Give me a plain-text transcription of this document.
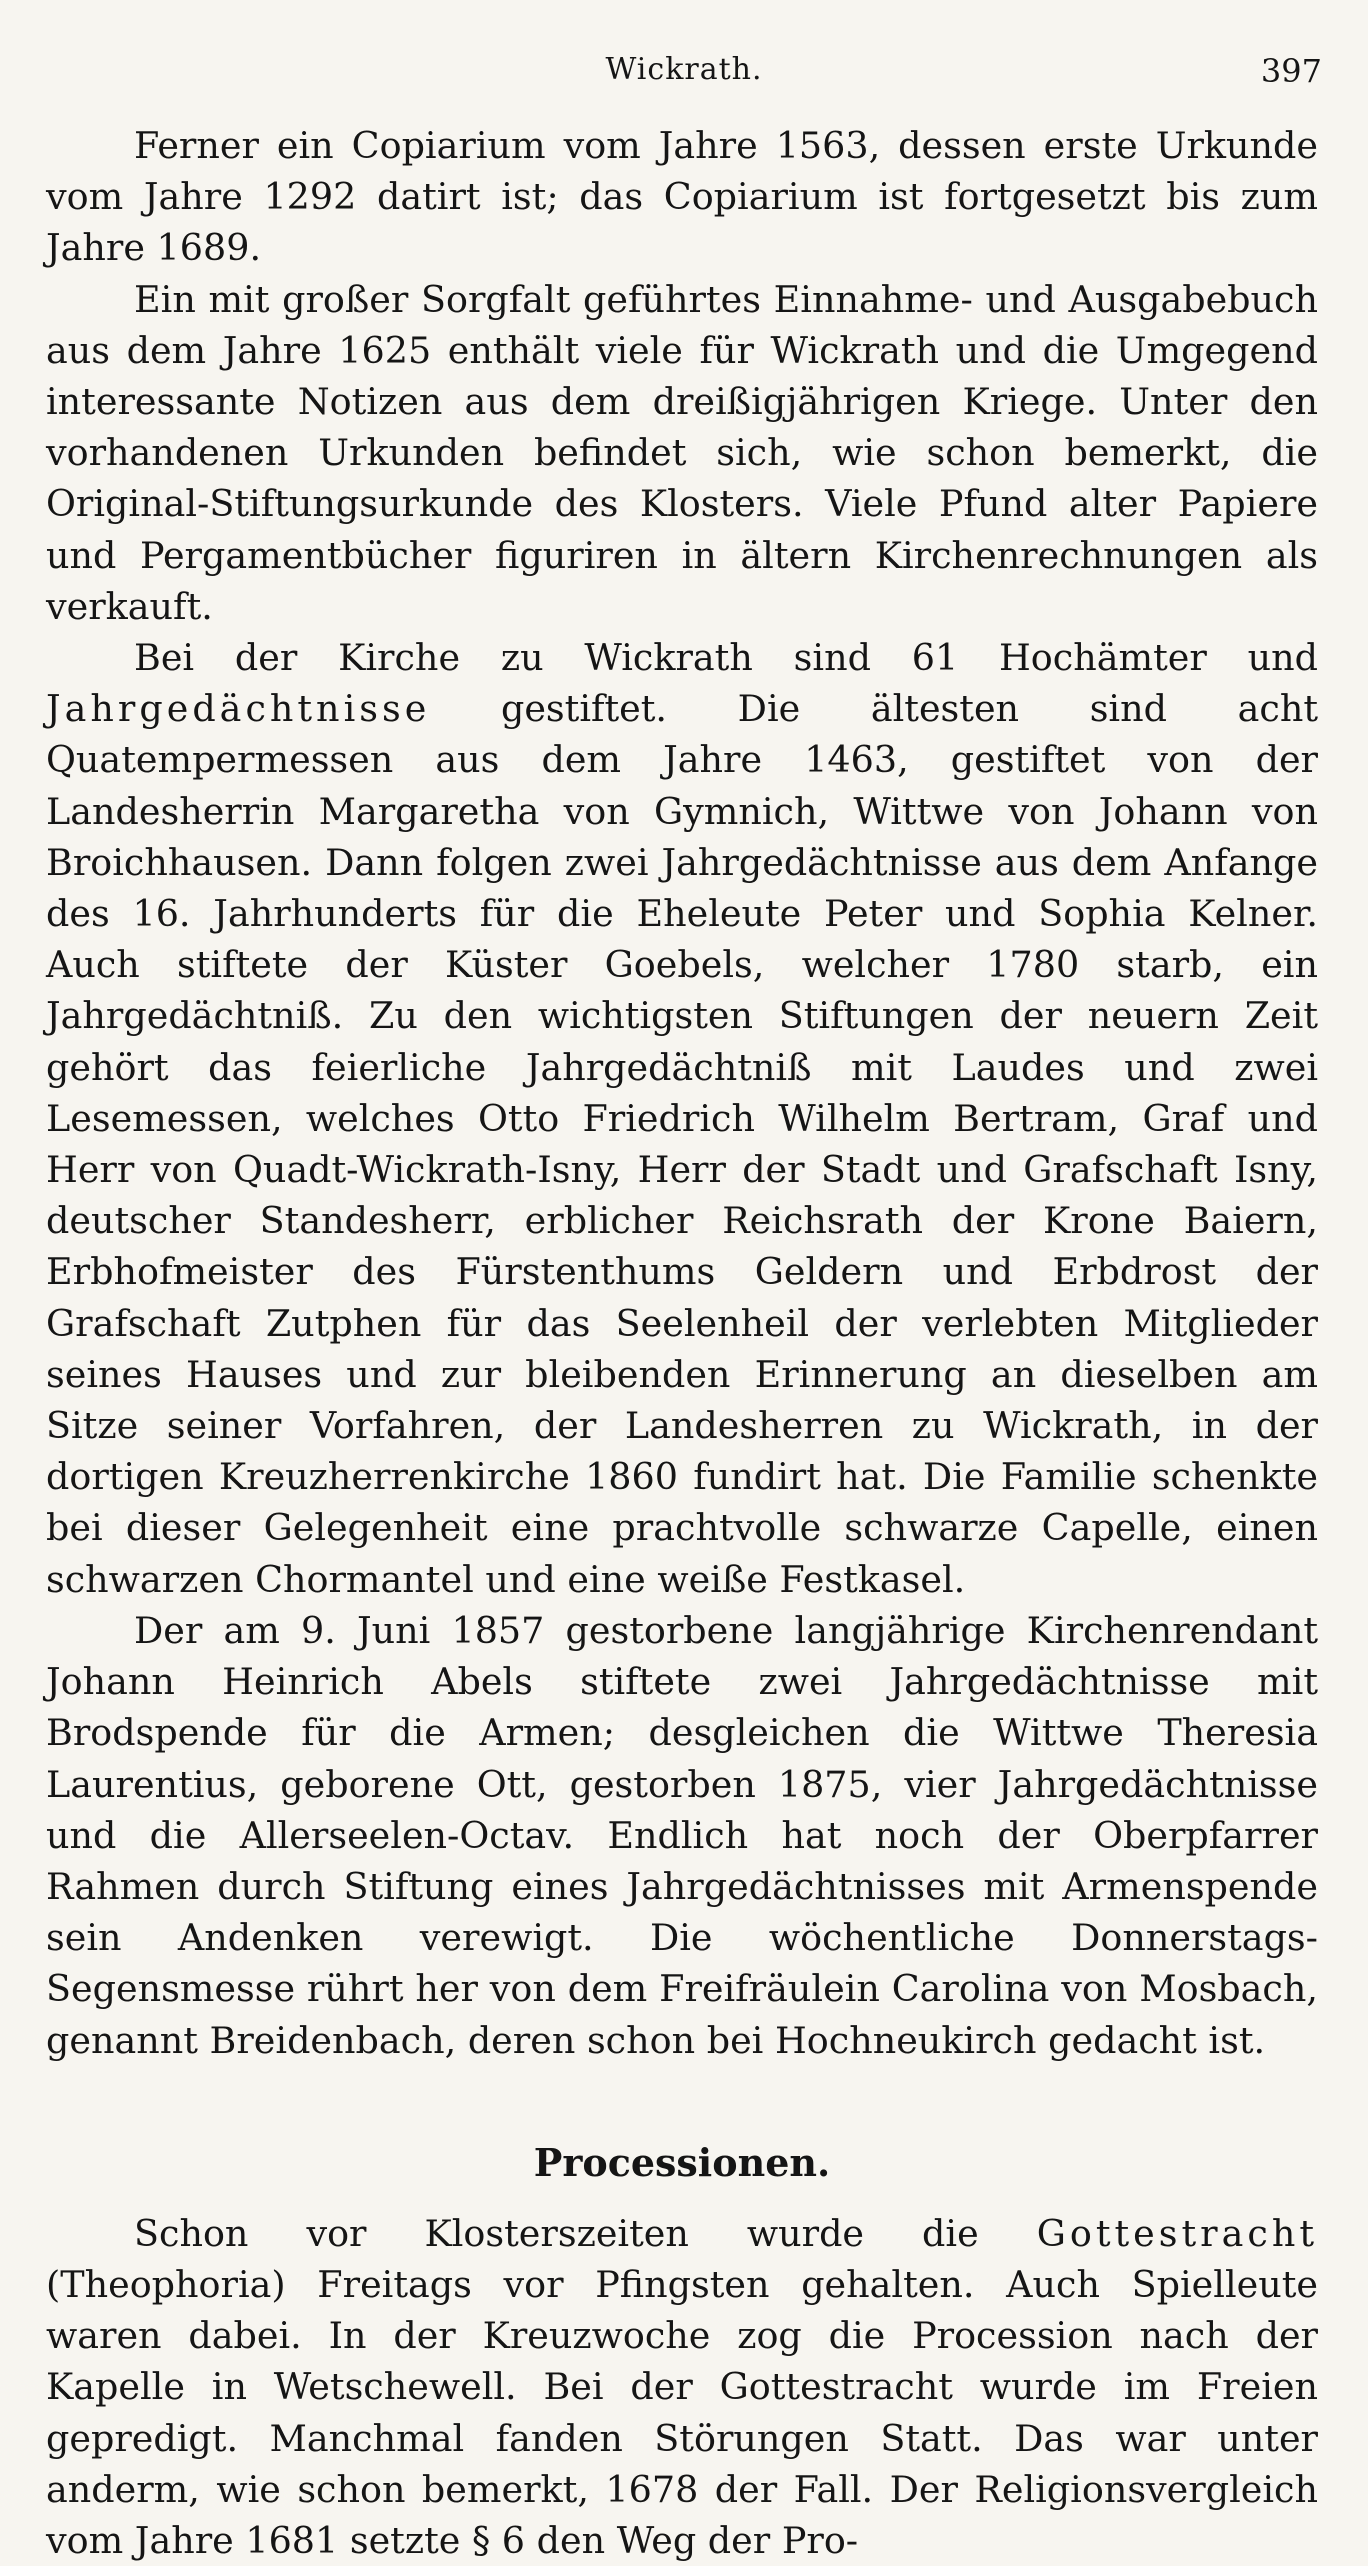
Wickrath.	397

Ferner ein Copiarium vom Jahre 1563, dessen erste Urkunde vom Jahre 1292 datirt ist; das Copiarium ist fortgesetzt bis zum Jahre 1689.

Ein mit großer Sorgfalt geführtes Einnahme- und Ausgabebuch aus dem Jahre 1625 enthält viele für Wickrath und die Umgegend interessante Notizen aus dem dreißigjährigen Kriege. Unter den vorhandenen Urkunden befindet sich, wie schon bemerkt, die Original-Stiftungsurkunde des Klosters. Viele Pfund alter Papiere und Pergamentbücher figuriren in ältern Kirchenrechnungen als verkauft.

Bei der Kirche zu Wickrath sind 61 Hochämter und Jahrgedächtnisse gestiftet. Die ältesten sind acht Quatempermessen aus dem Jahre 1463, gestiftet von der Landesherrin Margaretha von Gymnich, Wittwe von Johann von Broichhausen. Dann folgen zwei Jahrgedächtnisse aus dem Anfange des 16. Jahrhunderts für die Eheleute Peter und Sophia Kelner. Auch stiftete der Küster Goebels, welcher 1780 starb, ein Jahrgedächtniß. Zu den wichtigsten Stiftungen der neuern Zeit gehört das feierliche Jahrgedächtniß mit Laudes und zwei Lesemessen, welches Otto Friedrich Wilhelm Bertram, Graf und Herr von Quadt-Wickrath-Isny, Herr der Stadt und Grafschaft Isny, deutscher Standesherr, erblicher Reichsrath der Krone Baiern, Erbhofmeister des Fürstenthums Geldern und Erbdrost der Grafschaft Zutphen für das Seelenheil der verlebten Mitglieder seines Hauses und zur bleibenden Erinnerung an dieselben am Sitze seiner Vorfahren, der Landesherren zu Wickrath, in der dortigen Kreuzherrenkirche 1860 fundirt hat. Die Familie schenkte bei dieser Gelegenheit eine prachtvolle schwarze Capelle, einen schwarzen Chormantel und eine weiße Festkasel.

Der am 9. Juni 1857 gestorbene langjährige Kirchenrendant Johann Heinrich Abels stiftete zwei Jahrgedächtnisse mit Brodspende für die Armen; desgleichen die Wittwe Theresia Laurentius, geborene Ott, gestorben 1875, vier Jahrgedächtnisse und die Allerseelen-Octav. Endlich hat noch der Oberpfarrer Rahmen durch Stiftung eines Jahrgedächtnisses mit Armenspende sein Andenken verewigt. Die wöchentliche Donnerstags-Segensmesse rührt her von dem Freifräulein Carolina von Mosbach, genannt Breidenbach, deren schon bei Hochneukirch gedacht ist.

Processionen.

Schon vor Klosterszeiten wurde die Gottestracht (Theophoria) Freitags vor Pfingsten gehalten. Auch Spielleute waren dabei. In der Kreuzwoche zog die Procession nach der Kapelle in Wetschewell. Bei der Gottestracht wurde im Freien gepredigt. Manchmal fanden Störungen Statt. Das war unter anderm, wie schon bemerkt, 1678 der Fall. Der Religionsvergleich vom Jahre 1681 setzte § 6 den Weg der Pro-
